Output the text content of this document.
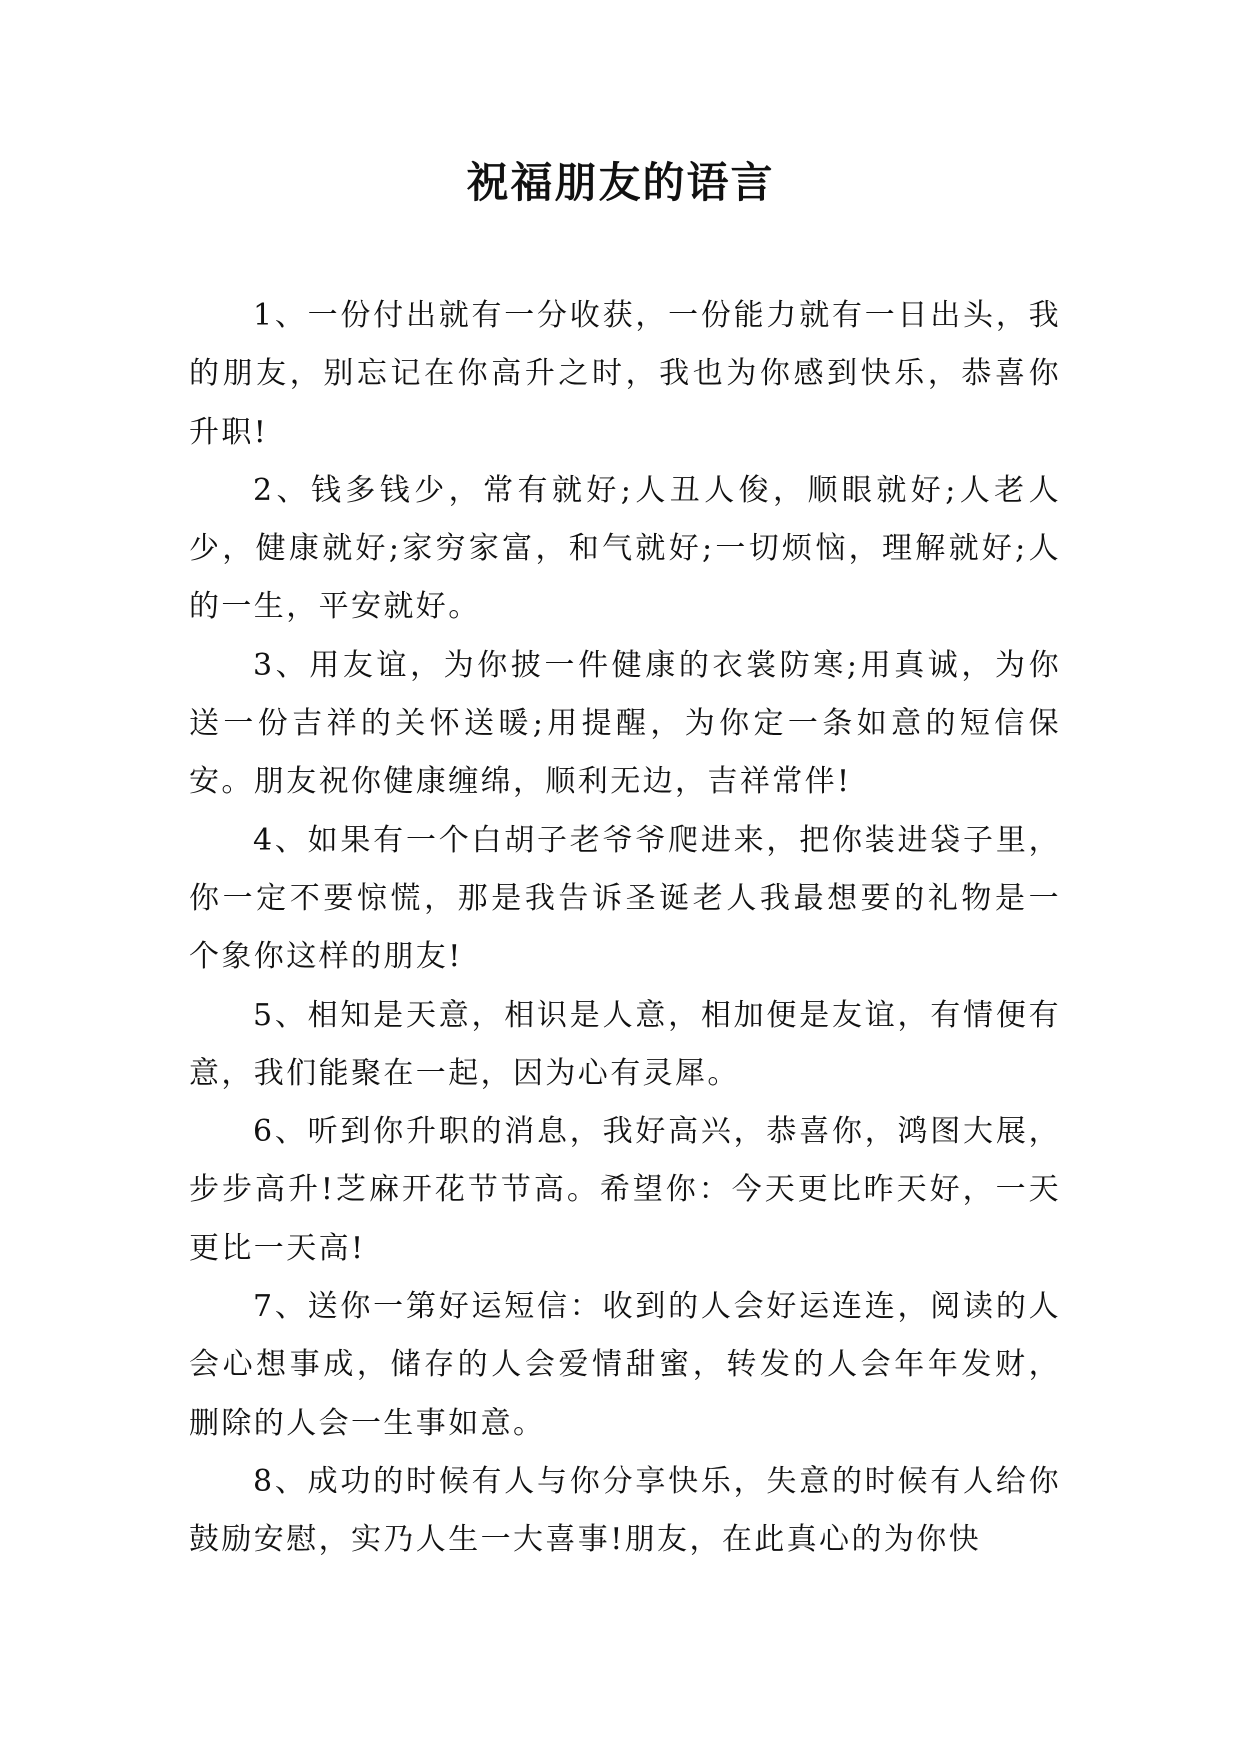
祝福朋友的语言

1、一份付出就有一分收获，一份能力就有一日出头，我的朋友，别忘记在你高升之时，我也为你感到快乐，恭喜你升职!

2、钱多钱少，常有就好;人丑人俊，顺眼就好;人老人少，健康就好;家穷家富，和气就好;一切烦恼，理解就好;人的一生，平安就好。

3、用友谊，为你披一件健康的衣裳防寒;用真诚，为你送一份吉祥的关怀送暖;用提醒，为你定一条如意的短信保安。朋友祝你健康缠绵，顺利无边，吉祥常伴!

4、如果有一个白胡子老爷爷爬进来，把你装进袋子里，你一定不要惊慌，那是我告诉圣诞老人我最想要的礼物是一个象你这样的朋友!

5、相知是天意，相识是人意，相加便是友谊，有情便有意，我们能聚在一起，因为心有灵犀。

6、听到你升职的消息，我好高兴，恭喜你，鸿图大展，步步高升!芝麻开花节节高。希望你：今天更比昨天好，一天更比一天高!

7、送你一第好运短信：收到的人会好运连连，阅读的人会心想事成，储存的人会爱情甜蜜，转发的人会年年发财，删除的人会一生事如意。

8、成功的时候有人与你分享快乐，失意的时候有人给你鼓励安慰，实乃人生一大喜事!朋友，在此真心的为你快
